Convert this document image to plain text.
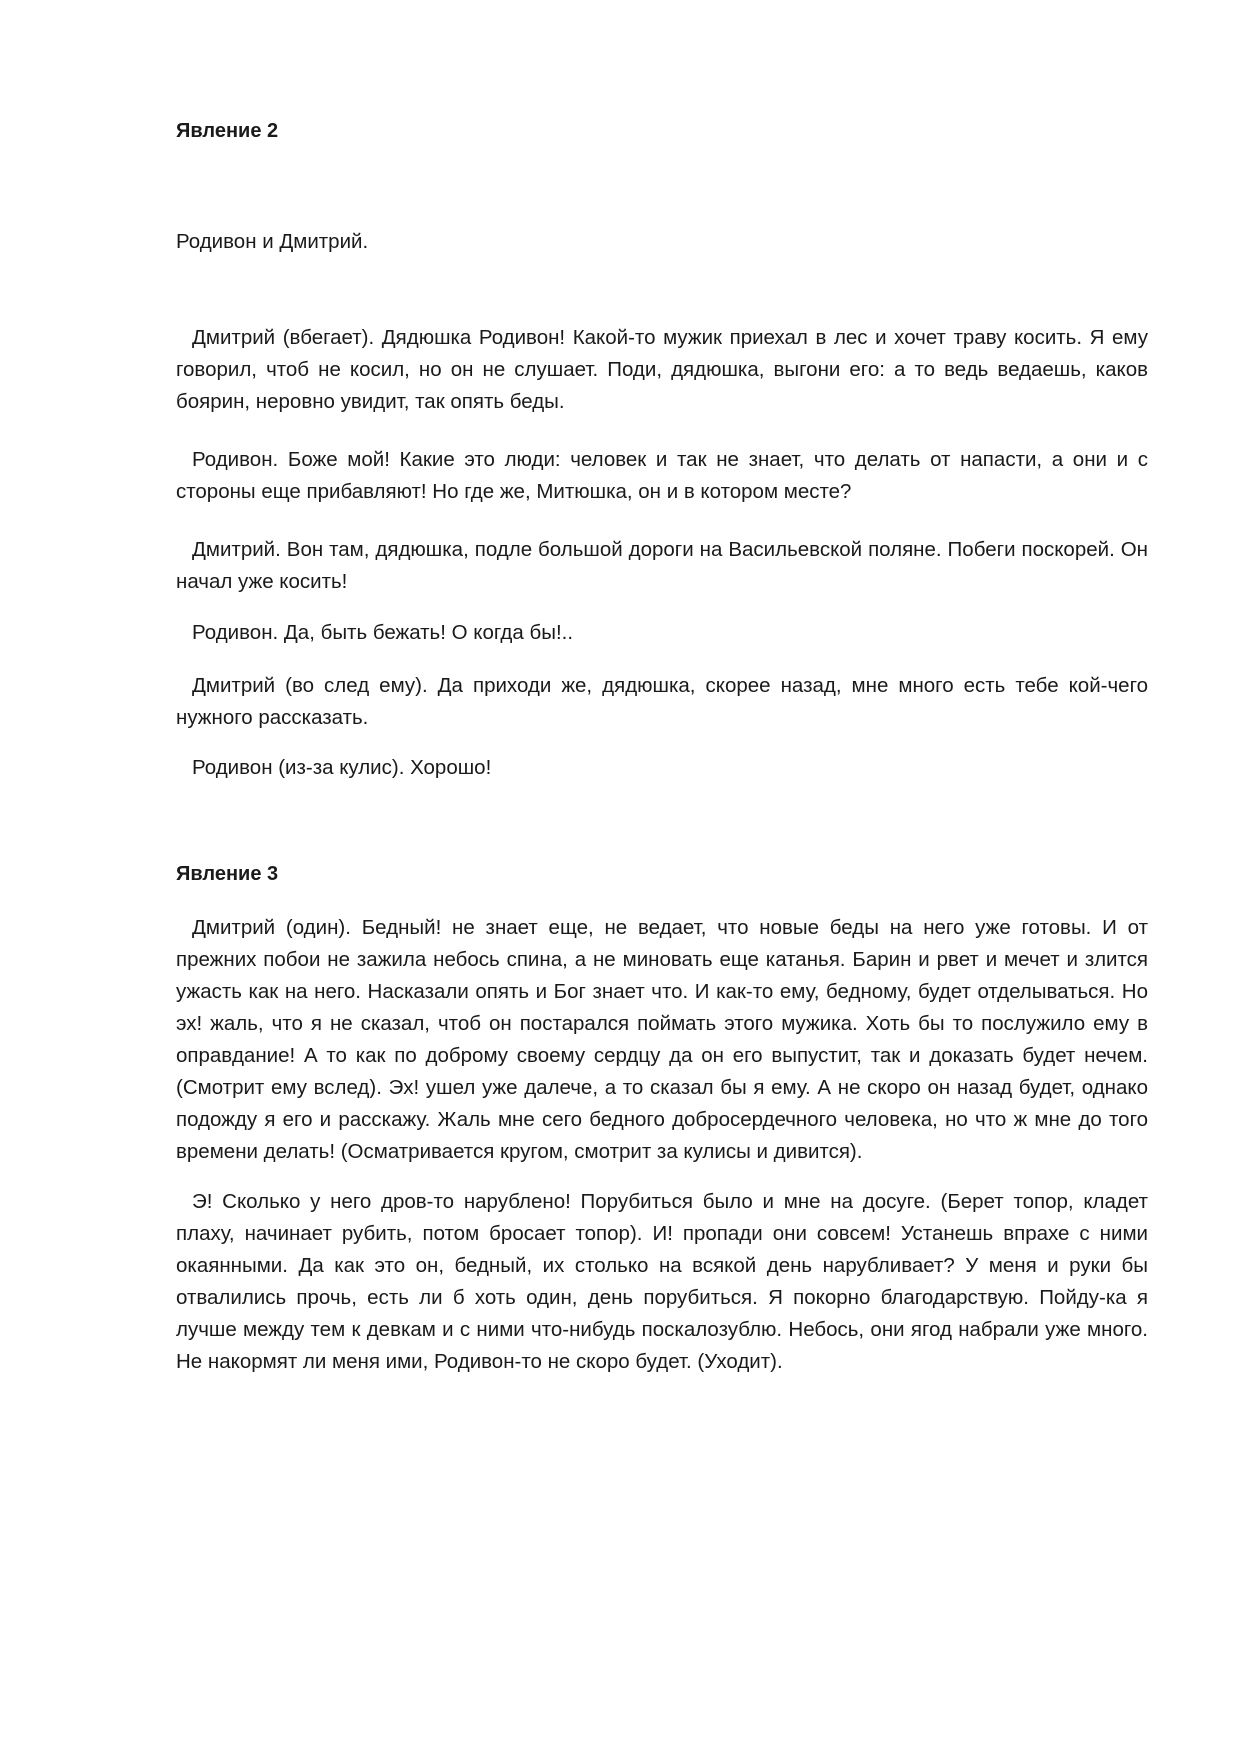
Явление 2

Родивон и Дмитрий.

Дмитрий (вбегает). Дядюшка Родивон! Какой-то мужик приехал в лес и хочет траву косить. Я ему говорил, чтоб не косил, но он не слушает. Поди, дядюшка, выгони его: а то ведь ведаешь, каков боярин, неровно увидит, так опять беды.

Родивон. Боже мой! Какие это люди: человек и так не знает, что делать от напасти, а они и с стороны еще прибавляют! Но где же, Митюшка, он и в котором месте?

Дмитрий. Вон там, дядюшка, подле большой дороги на Васильевской поляне. Побеги поскорей. Он начал уже косить!

Родивон. Да, быть бежать! О когда бы!..

Дмитрий (во след ему). Да приходи же, дядюшка, скорее назад, мне много есть тебе кой-чего нужного рассказать.

Родивон (из-за кулис). Хорошо!

Явление 3

Дмитрий (один). Бедный! не знает еще, не ведает, что новые беды на него уже готовы. И от прежних побои не зажила небось спина, а не миновать еще катанья. Барин и рвет и мечет и злится ужасть как на него. Насказали опять и Бог знает что. И как-то ему, бедному, будет отделываться. Но эх! жаль, что я не сказал, чтоб он постарался поймать этого мужика. Хоть бы то послужило ему в оправдание! А то как по доброму своему сердцу да он его выпустит, так и доказать будет нечем. (Смотрит ему вслед). Эх! ушел уже далече, а то сказал бы я ему. А не скоро он назад будет, однако подожду я его и расскажу. Жаль мне сего бедного добросердечного человека, но что ж мне до того времени делать! (Осматривается кругом, смотрит за кулисы и дивится).

Э! Сколько у него дров-то нарублено! Порубиться было и мне на досуге. (Берет топор, кладет плаху, начинает рубить, потом бросает топор). И! пропади они совсем! Устанешь впрахе с ними окаянными. Да как это он, бедный, их столько на всякой день нарубливает? У меня и руки бы отвалились прочь, есть ли б хоть один, день порубиться. Я покорно благодарствую. Пойду-ка я лучше между тем к девкам и с ними что-нибудь поскалозублю. Небось, они ягод набрали уже много. Не накормят ли меня ими, Родивон-то не скоро будет. (Уходит).
